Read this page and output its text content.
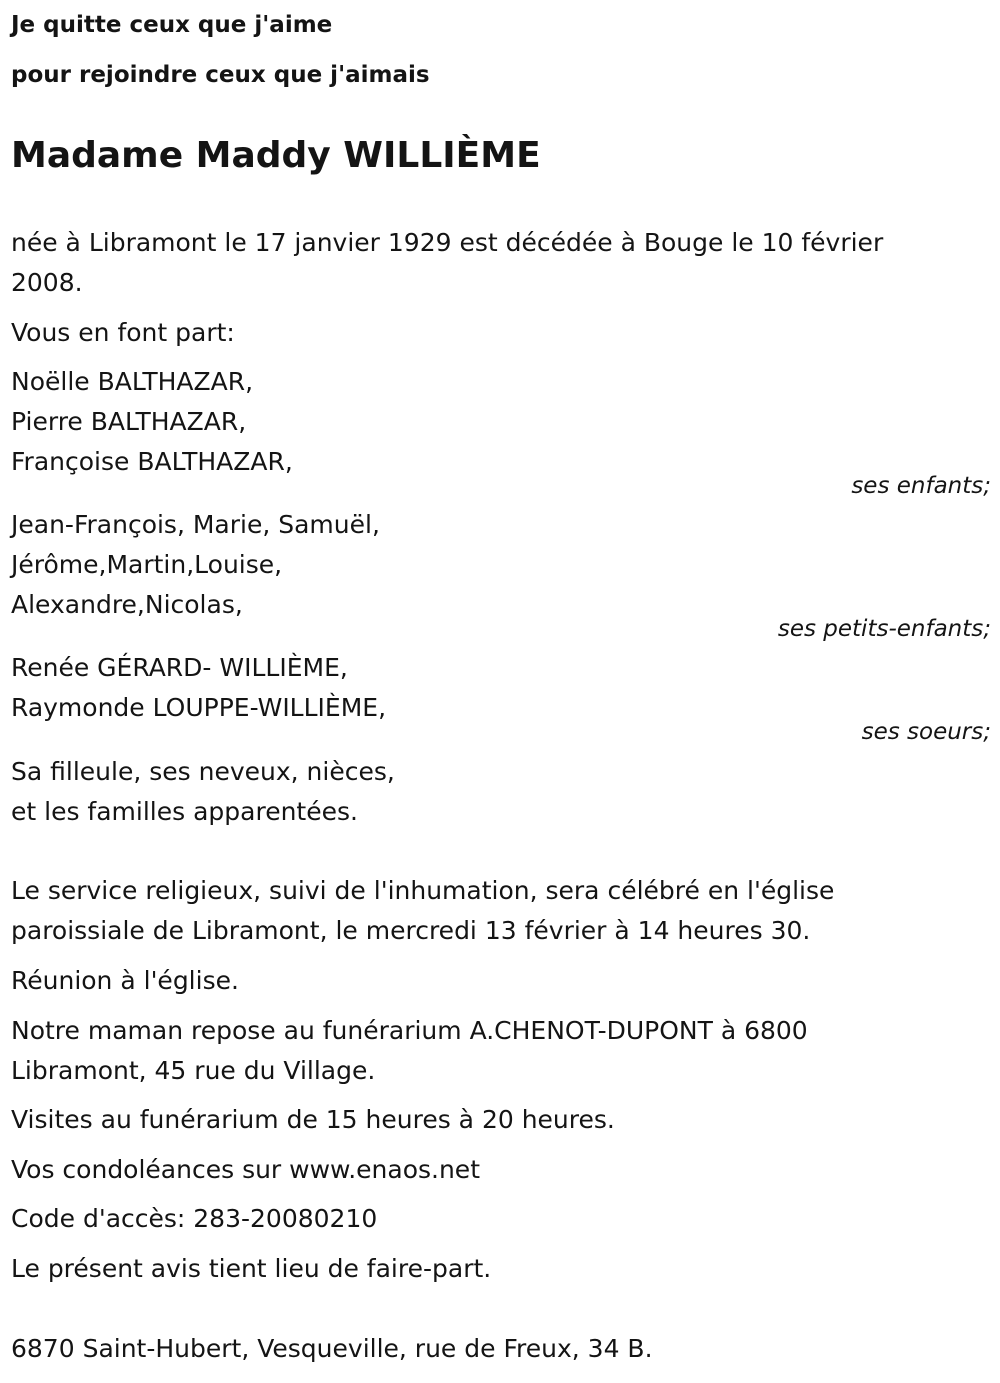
Je quitte ceux que j'aime
pour rejoindre ceux que j'aimais
Madame Maddy WILLIÈME
née à Libramont le 17 janvier 1929 est décédée à Bouge le 10 février
2008.
Vous en font part:
Noëlle BALTHAZAR,
Pierre BALTHAZAR,
Françoise BALTHAZAR,
ses enfants;
Jean-François, Marie, Samuël,
Jérôme,Martin,Louise,
Alexandre,Nicolas,
ses petits-enfants;
Renée GÉRARD- WILLIÈME,
Raymonde LOUPPE-WILLIÈME,
ses soeurs;
Sa filleule, ses neveux, nièces,
et les familles apparentées.
Le service religieux, suivi de l'inhumation, sera célébré en l'église
paroissiale de Libramont, le mercredi 13 février à 14 heures 30.
Réunion à l'église.
Notre maman repose au funérarium A.CHENOT-DUPONT à 6800
Libramont, 45 rue du Village.
Visites au funérarium de 15 heures à 20 heures.
Vos condoléances sur www.enaos.net
Code d'accès: 283-20080210
Le présent avis tient lieu de faire-part.
6870 Saint-Hubert, Vesqueville, rue de Freux, 34 B.
